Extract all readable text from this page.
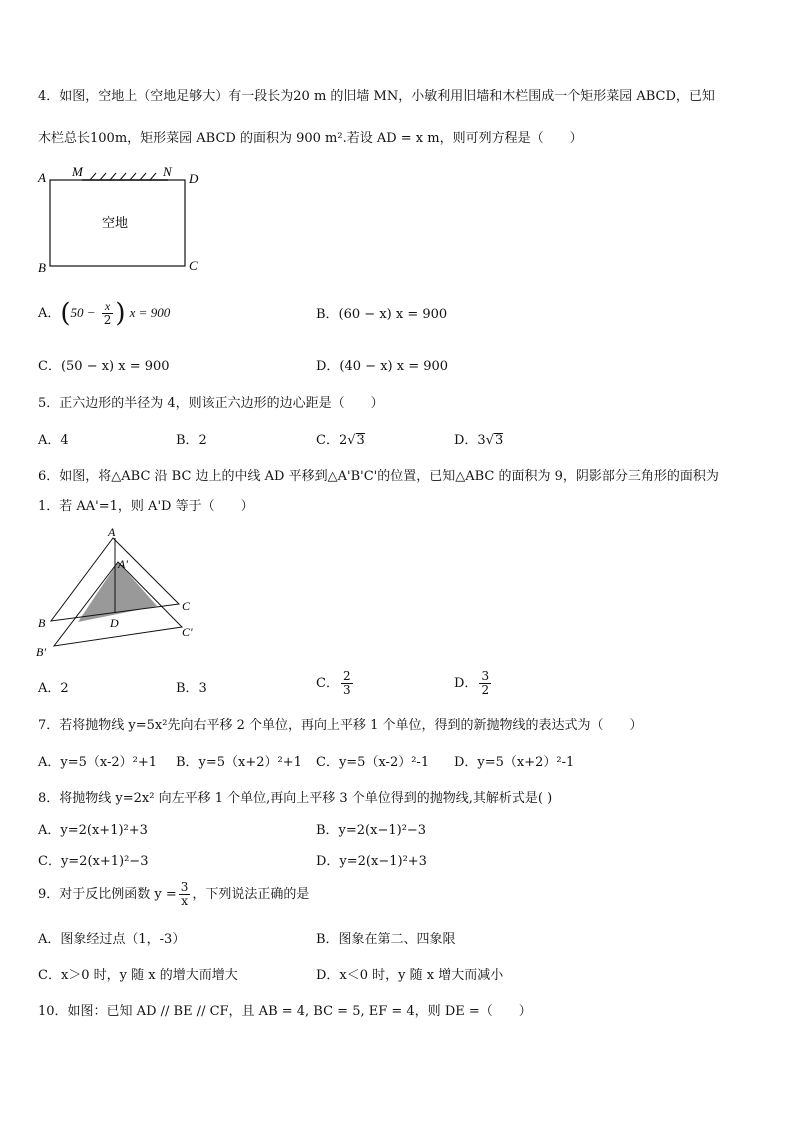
4．如图，空地上（空地足够大）有一段长为20 m 的旧墙 MN，小敏利用旧墙和木栏围成一个矩形菜园 ABCD，已知
木栏总长100m，矩形菜园 ABCD 的面积为 900 m².若设 AD = x m，则可列方程是（　　）
A M	N D
B	C
空地
A．($50 - \frac{x}{2}$ ) x = 900	B．(60 − x) x = 900
C．(50 − x) x = 900	D．(40 − x) x = 900
5．正六边形的半径为 4，则该正六边形的边心距是（　　）
A．4	B．2	C．2√3	D．3√3
6．如图，将△ABC 沿 BC 边上的中线 AD 平移到△A'B'C'的位置，已知△ABC 的面积为 9，阴影部分三角形的面积为
1．若 AA'=1，则 A'D 等于（　　）
A
A'
B
C
D
B'
C'
A．2	B．3	C． $\frac{2}{3}$	D． $\frac{3}{2}$
7．若将抛物线 y=5x²先向右平移 2 个单位，再向上平移 1 个单位，得到的新抛物线的表达式为（　　）
A．y=5（x-2）²+1 B．y=5（x+2）²+1 C．y=5（x-2）²-1 D．y=5（x+2）²-1
8．将抛物线 y=2x² 向左平移 1 个单位,再向上平移 3 个单位得到的抛物线,其解析式是( )
A．y=2(x+1)²+3	B．y=2(x−1)²−3
C．y=2(x+1)²−3	D．y=2(x−1)²+3
9．对于反比例函数 $y = \frac{3}{x}$ ，下列说法正确的是
A．图象经过点（1，-3）	B．图象在第二、四象限
C．x＞0 时，y 随 x 的增大而增大	D．x＜0 时，y 随 x 增大而减小
10．如图：已知 AD // BE // CF，且 AB = 4, BC = 5, EF = 4，则 DE =（　　）
